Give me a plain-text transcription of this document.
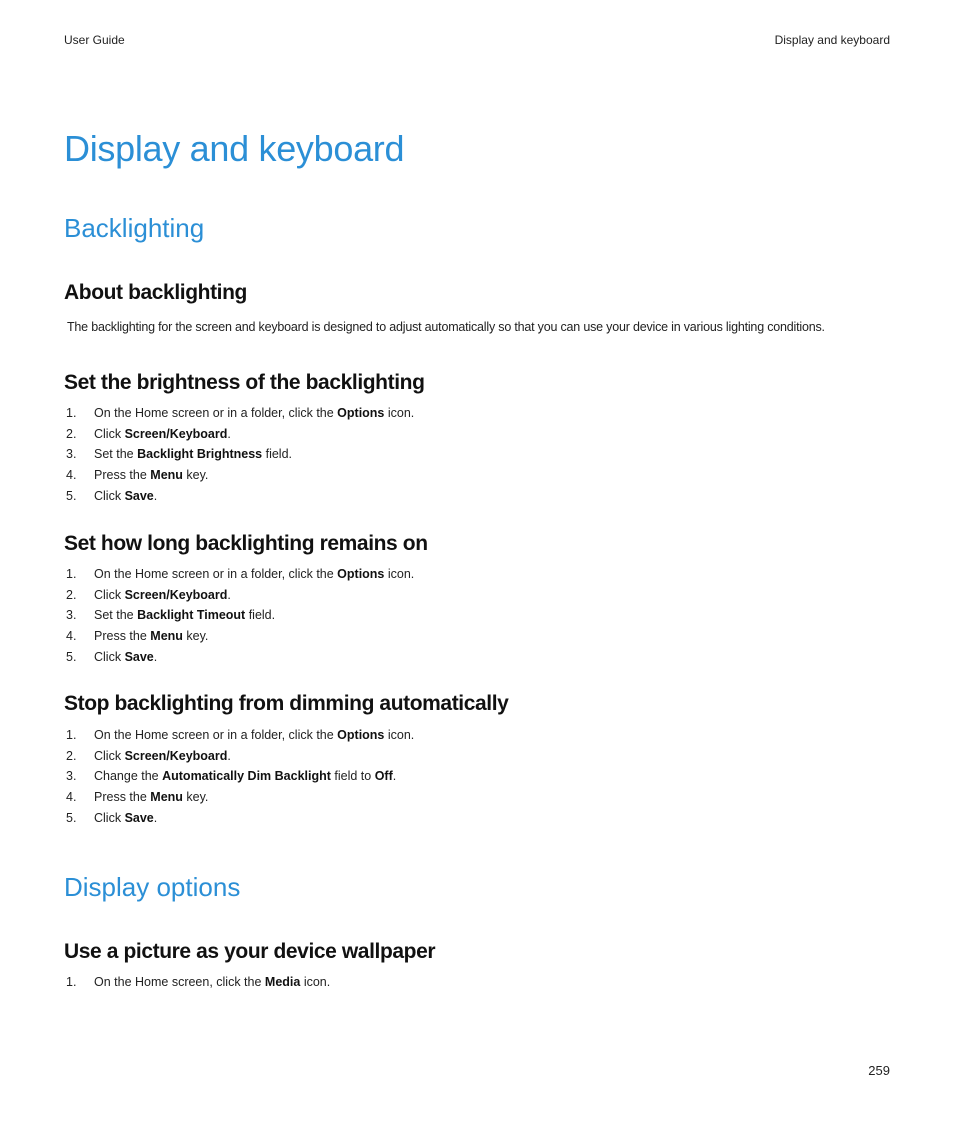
User Guide	Display and keyboard
Display and keyboard
Backlighting
About backlighting

The backlighting for the screen and keyboard is designed to adjust automatically so that you can use your device in various lighting conditions.

Set the brightness of the backlighting
1. On the Home screen or in a folder, click the Options icon.
2. Click Screen/Keyboard.
3. Set the Backlight Brightness field.
4. Press the Menu key.
5. Click Save.
Set how long backlighting remains on
1. On the Home screen or in a folder, click the Options icon.
2. Click Screen/Keyboard.
3. Set the Backlight Timeout field.
4. Press the Menu key.
5. Click Save.
Stop backlighting from dimming automatically
1. On the Home screen or in a folder, click the Options icon.
2. Click Screen/Keyboard.
3. Change the Automatically Dim Backlight field to Off.
4. Press the Menu key.
5. Click Save.
Display options
Use a picture as your device wallpaper
1. On the Home screen, click the Media icon.
259
